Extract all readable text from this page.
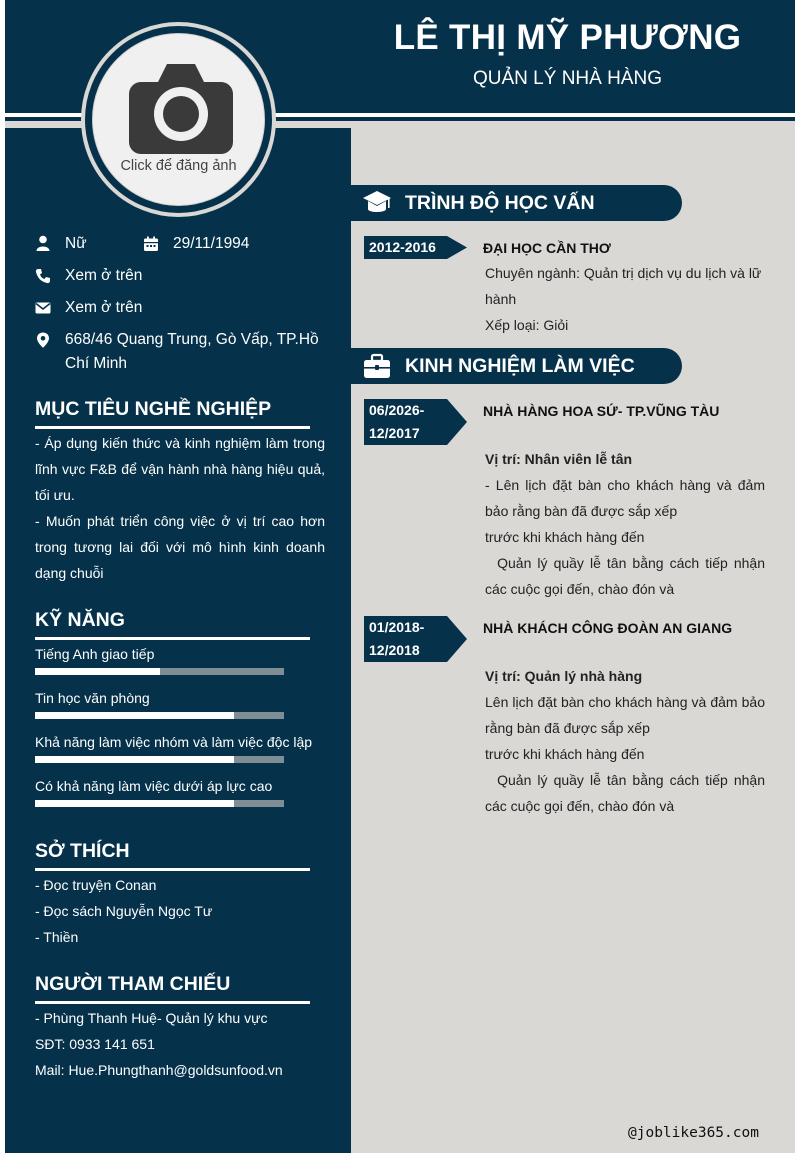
LÊ THỊ MỸ PHƯƠNG
QUẢN LÝ NHÀ HÀNG
Nữ	29/11/1994
Xem ở trên
Xem ở trên
668/46 Quang Trung, Gò Vấp, TP.Hồ Chí Minh
MỤC TIÊU NGHỀ NGHIỆP
- Áp dụng kiến thức và kinh nghiệm làm trong lĩnh vực F&B để vận hành nhà hàng hiệu quả, tối ưu.
- Muốn phát triển công việc ở vị trí cao hơn trong tương lai đối với mô hình kinh doanh dạng chuỗi
KỸ NĂNG
Tiếng Anh giao tiếp
Tin học văn phòng
Khả năng làm việc nhóm và làm việc độc lập
Có khả năng làm việc dưới áp lực cao
SỞ THÍCH
- Đọc truyện Conan
- Đọc sách Nguyễn Ngọc Tư
- Thiền
NGƯỜI THAM CHIẾU
- Phùng Thanh Huệ- Quản lý khu vực
SĐT: 0933 141 651
Mail: Hue.Phungthanh@goldsunfood.vn
Click để đăng ảnh
TRÌNH ĐỘ HỌC VẤN
2012-2016	ĐẠI HỌC CẦN THƠ
Chuyên ngành: Quản trị dịch vụ du lịch và lữ hành
Xếp loại: Giỏi
KINH NGHIỆM LÀM VIỆC
06/2026-
12/2017
NHÀ HÀNG HOA SỨ- TP.VŨNG TÀU
Vị trí: Nhân viên lễ tân
- Lên lịch đặt bàn cho khách hàng và đảm bảo rằng bàn đã được sắp xếp
trước khi khách hàng đến
Quản lý quầy lễ tân bằng cách tiếp nhận các cuộc gọi đến, chào đón và
01/2018-
12/2018
NHÀ KHÁCH CÔNG ĐOÀN AN GIANG
Vị trí: Quản lý nhà hàng
Lên lịch đặt bàn cho khách hàng và đảm bảo rằng bàn đã được sắp xếp
trước khi khách hàng đến
Quản lý quầy lễ tân bằng cách tiếp nhận các cuộc gọi đến, chào đón và
@joblike365.com
